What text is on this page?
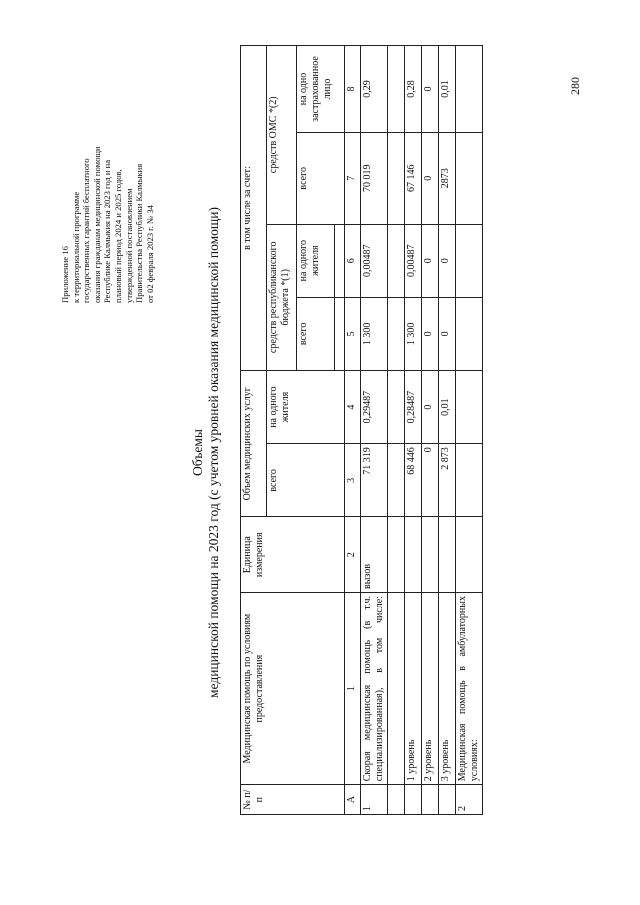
Приложение 16 к территориальной программе государственных гарантий бесплатного оказания гражданам медицинской помощи Республике Калмыкия на 2023 год и на плановый период 2024 и 2025 годов, утвержденной постановлением Правительства Республики Калмыкия от 02 февраля 2023 г. № 34
Объемы медицинской помощи на 2023 год (с учетом уровней оказания медицинской помощи)
№ п/п	Медицинская помощь по условиям предоставления	Единица измерения	Объем медицинских услуг		в том числе за счет:			
			всего	на одного жителя	средств республиканского бюджета *(1)		средств ОМС *(2)	
					всего	на одного жителя	всего	на одно застрахованное лицо

А	1	2	3	4	5	6	7	8
1	Скорая медицинская помощь (в т.ч. специализированная), в том числе:	вызов	71 319	0,29487	1 300	0,00487	70 019	0,29

	1 уровень		68 446	0,28487	1 300	0,00487	67 146	0,28
	2 уровень		0	0	0	0	0	0
	3 уровень		2 873	0,01	0	0	2873	0,01
2	Медицинская помощь в амбулаторных условиях:							
280
